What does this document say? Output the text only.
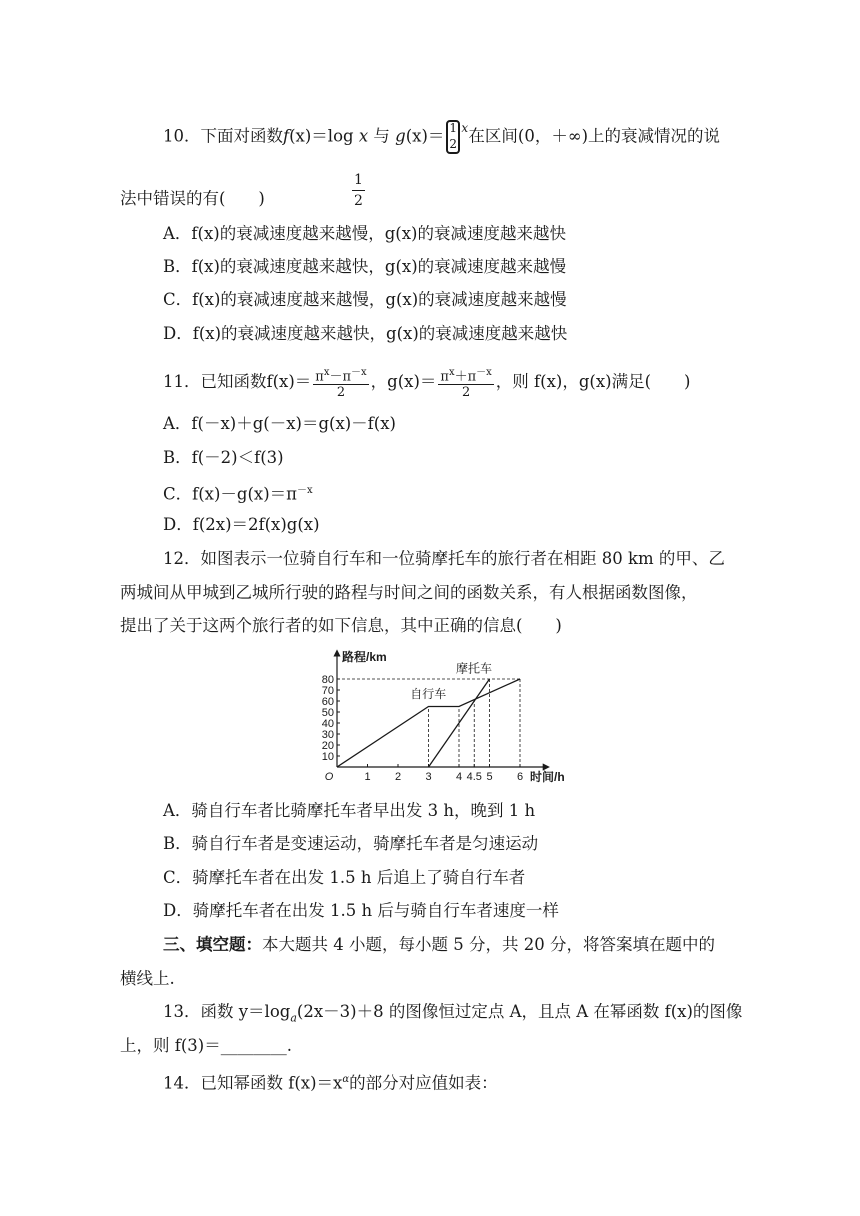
10．下面对函数f(x)＝log x 与 g(x)＝ 1
2
x 在区间(0，＋∞)上的衰减情况的说
法中错误的有(　　)	$\frac{1}{2}$
A．f(x)的衰减速度越来越慢，g(x)的衰减速度越来越快
B．f(x)的衰减速度越来越快，g(x)的衰减速度越来越慢
C．f(x)的衰减速度越来越慢，g(x)的衰减速度越来越慢
D．f(x)的衰减速度越来越快，g(x)的衰减速度越来越快
11．已知函数$f(x)= \frac{\pi^x-\pi^{-x}}{2}$ ，$g(x)= \frac{\pi^x+\pi^{-x}}{2}$ ，则 f(x)，g(x)满足(　　)
A．f(－x)＋g(－x)＝g(x)－f(x)
B．f(－2)＜f(3)
C．$f(x)-g(x)=\pi^{-x}$
D．f(2x)＝2f(x)g(x)
12．如图表示一位骑自行车和一位骑摩托车的旅行者在相距 80 km 的甲、乙
两城间从甲城到乙城所行驶的路程与时间之间的函数关系，有人根据函数图像，
提出了关于这两个旅行者的如下信息，其中正确的信息(　　)
自行车
摩托车
10
20
30
40
50
60
70
80
1 2 3 4 4.5 5 6
O
路程/km
时间/h
A．骑自行车者比骑摩托车者早出发 3 h，晚到 1 h
B．骑自行车者是变速运动，骑摩托车者是匀速运动
C．骑摩托车者在出发 1.5 h 后追上了骑自行车者
D．骑摩托车者在出发 1.5 h 后与骑自行车者速度一样
三、填空题：本大题共 4 小题，每小题 5 分，共 20 分，将答案填在题中的
横线上.
13．函数 $y=\log_a(2x-3)+8$ 的图像恒过定点 A，且点 A 在幂函数 f(x)的图像
上，则 f(3)＝________.
14．已知幂函数 $f(x)=x^\alpha$的部分对应值如表：
